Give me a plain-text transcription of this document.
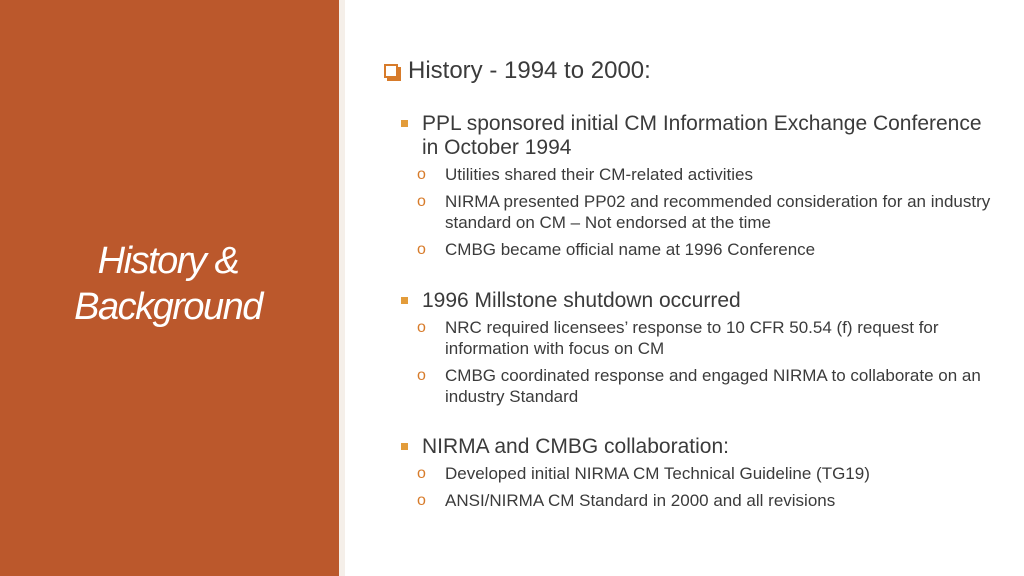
History &
Background
History - 1994 to 2000:
PPL sponsored initial CM Information Exchange Conference in October 1994
o	Utilities shared their CM-related activities
o	NIRMA presented PP02 and recommended consideration for an industry standard on CM – Not endorsed at the time
o	CMBG became official name at 1996 Conference
1996 Millstone shutdown occurred
o	NRC required licensees’ response to 10 CFR 50.54 (f) request for information with focus on CM
o	CMBG coordinated response and engaged NIRMA to collaborate on an industry Standard
NIRMA and CMBG collaboration:
o	Developed initial NIRMA CM Technical Guideline (TG19)
o	ANSI/NIRMA CM Standard in 2000 and all revisions
